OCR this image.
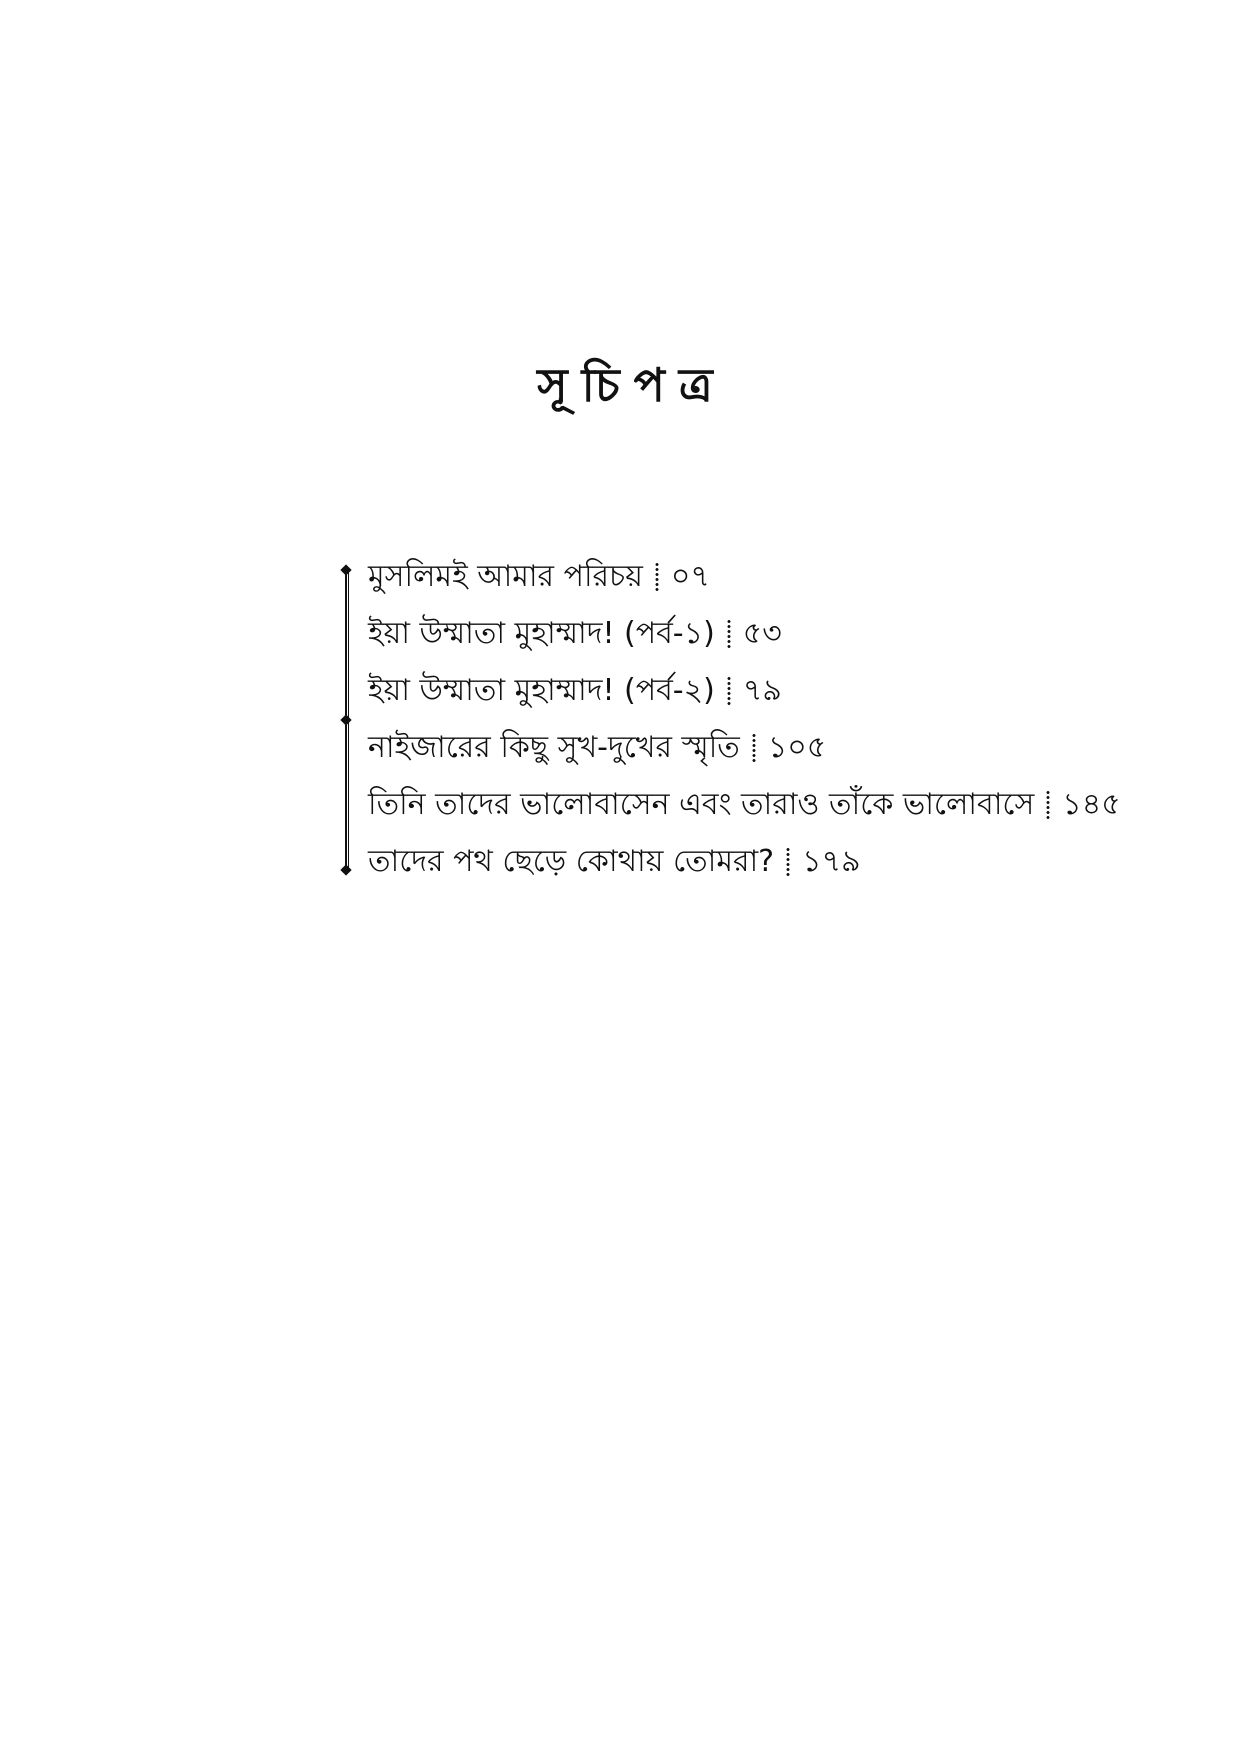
সূচিপত্র
মুসলিমই আমার পরিচয় ০৭
ইয়া উম্মাতা মুহাম্মাদ! (পর্ব-১) ৫৩
ইয়া উম্মাতা মুহাম্মাদ! (পর্ব-২) ৭৯
নাইজারের কিছু সুখ-দুখের স্মৃতি ১০৫
তিনি তাদের ভালোবাসেন এবং তারাও তাঁকে ভালোবাসে ১৪৫
তাদের পথ ছেড়ে কোথায় তোমরা? ১৭৯
